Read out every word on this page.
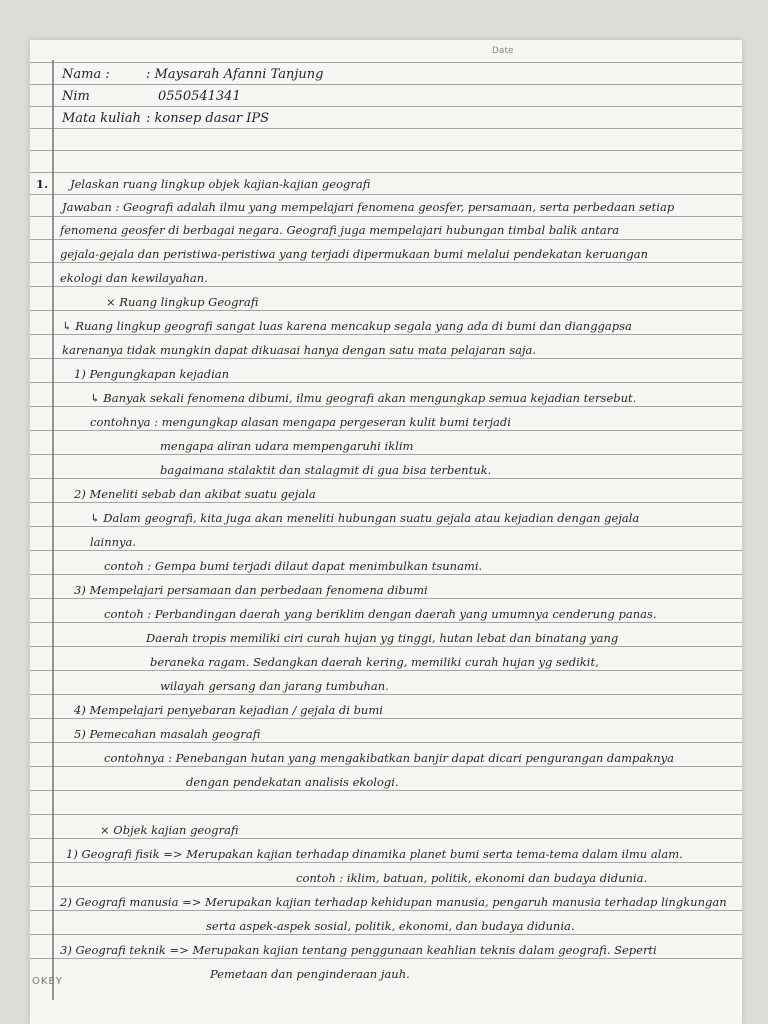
Date
Nama :	: Maysarah Afanni Tanjung
Nim	0550541341
Mata kuliah : konsep dasar IPS
1. Jelaskan ruang lingkup objek kajian-kajian geografi
Jawaban : Geografi adalah ilmu yang mempelajari fenomena geosfer, persamaan, serta perbedaan setiap
fenomena geosfer di berbagai negara. Geografi juga mempelajari hubungan timbal balik antara
gejala-gejala dan peristiwa-peristiwa yang terjadi dipermukaan bumi melalui pendekatan keruangan
ekologi dan kewilayahan.
× Ruang lingkup Geografi
↳ Ruang lingkup geografi sangat luas karena mencakup segala yang ada di bumi dan dianggapsa
karenanya tidak mungkin dapat dikuasai hanya dengan satu mata pelajaran saja.
1) Pengungkapan kejadian
↳ Banyak sekali fenomena dibumi, ilmu geografi akan mengungkap semua kejadian tersebut.
contohnya : mengungkap alasan mengapa pergeseran kulit bumi terjadi
mengapa aliran udara mempengaruhi iklim
bagaimana stalaktit dan stalagmit di gua bisa terbentuk.
2) Meneliti sebab dan akibat suatu gejala
↳ Dalam geografi, kita juga akan meneliti hubungan suatu gejala atau kejadian dengan gejala
lainnya.
contoh : Gempa bumi terjadi dilaut dapat menimbulkan tsunami.
3) Mempelajari persamaan dan perbedaan fenomena dibumi
contoh : Perbandingan daerah yang beriklim dengan daerah yang umumnya cenderung panas.
Daerah tropis memiliki ciri curah hujan yg tinggi, hutan lebat dan binatang yang
beraneka ragam. Sedangkan daerah kering, memiliki curah hujan yg sedikit,
wilayah gersang dan jarang tumbuhan.
4) Mempelajari penyebaran kejadian / gejala di bumi
5) Pemecahan masalah geografi
contohnya : Penebangan hutan yang mengakibatkan banjir dapat dicari pengurangan dampaknya
dengan pendekatan analisis ekologi.
× Objek kajian geografi
1) Geografi fisik => Merupakan kajian terhadap dinamika planet bumi serta tema-tema dalam ilmu alam.
contoh : iklim, batuan, politik, ekonomi dan budaya didunia.
2) Geografi manusia => Merupakan kajian terhadap kehidupan manusia, pengaruh manusia terhadap lingkungan
serta aspek-aspek sosial, politik, ekonomi, dan budaya didunia.
3) Geografi teknik => Merupakan kajian tentang penggunaan keahlian teknis dalam geografi. Seperti
Pemetaan dan penginderaan jauh.
OKEY
